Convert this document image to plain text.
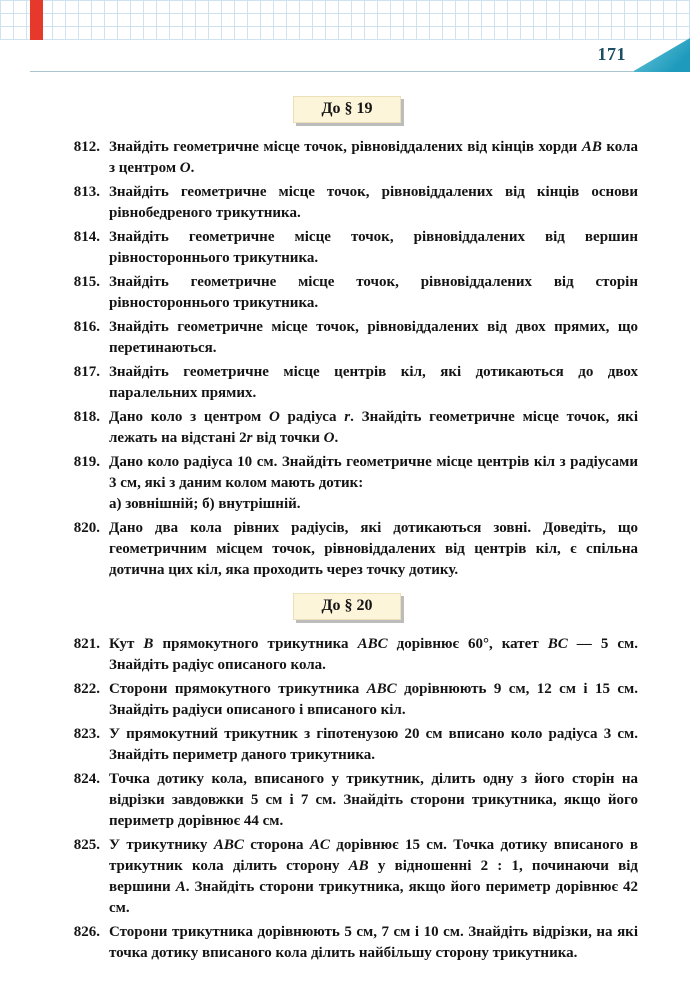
171
До § 19
812. Знайдіть геометричне місце точок, рівновіддалених від кінців хорди AB кола з центром O.
813. Знайдіть геометричне місце точок, рівновіддалених від кінців основи рівнобедреного трикутника.
814. Знайдіть геометричне місце точок, рівновіддалених від вершин рівностороннього трикутника.
815. Знайдіть геометричне місце точок, рівновіддалених від сторін рівностороннього трикутника.
816. Знайдіть геометричне місце точок, рівновіддалених від двох прямих, що перетинаються.
817. Знайдіть геометричне місце центрів кіл, які дотикаються до двох паралельних прямих.
818. Дано коло з центром O радіуса r. Знайдіть геометричне місце точок, які лежать на відстані 2r від точки O.
819. Дано коло радіуса 10 см. Знайдіть геометричне місце центрів кіл з радіусами 3 см, які з даним колом мають дотик:
а) зовнішній; б) внутрішній.
820. Дано два кола рівних радіусів, які дотикаються зовні. Доведіть, що геометричним місцем точок, рівновіддалених від центрів кіл, є спільна дотична цих кіл, яка проходить через точку дотику.
До § 20
821. Кут B прямокутного трикутника ABC дорівнює 60°, катет BC — 5 см. Знайдіть радіус описаного кола.
822. Сторони прямокутного трикутника ABC дорівнюють 9 см, 12 см і 15 см. Знайдіть радіуси описаного і вписаного кіл.
823. У прямокутний трикутник з гіпотенузою 20 см вписано коло радіуса 3 см. Знайдіть периметр даного трикутника.
824. Точка дотику кола, вписаного у трикутник, ділить одну з його сторін на відрізки завдовжки 5 см і 7 см. Знайдіть сторони трикутника, якщо його периметр дорівнює 44 см.
825. У трикутнику ABC сторона AC дорівнює 15 см. Точка дотику вписаного в трикутник кола ділить сторону AB у відношенні 2 : 1, починаючи від вершини A. Знайдіть сторони трикутника, якщо його периметр дорівнює 42 см.
826. Сторони трикутника дорівнюють 5 см, 7 см і 10 см. Знайдіть відрізки, на які точка дотику вписаного кола ділить найбільшу сторону трикутника.
